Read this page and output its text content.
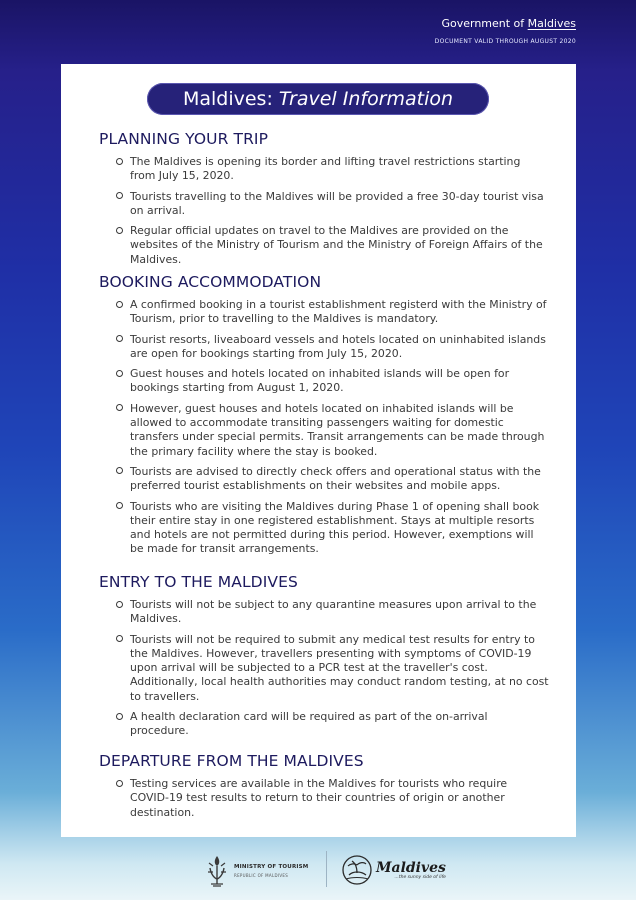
Government of Maldives
DOCUMENT VALID THROUGH AUGUST 2020
Maldives: Travel Information
PLANNING YOUR TRIP
The Maldives is opening its border and lifting travel restrictions starting from July 15, 2020.
Tourists travelling to the Maldives will be provided a free 30-day tourist visa on arrival.
Regular official updates on travel to the Maldives are provided on the websites of the Ministry of Tourism and the Ministry of Foreign Affairs of the Maldives.
BOOKING ACCOMMODATION
A confirmed booking in a tourist establishment registerd with the Ministry of Tourism, prior to travelling to the Maldives is mandatory.
Tourist resorts, liveaboard vessels and hotels located on uninhabited islands are open for bookings starting from July 15, 2020.
Guest houses and hotels located on inhabited islands will be open for bookings starting from August 1, 2020.
However, guest houses and hotels located on inhabited islands will be allowed to accommodate transiting passengers waiting for domestic transfers under special permits. Transit arrangements can be made through the primary facility where the stay is booked.
Tourists are advised to directly check offers and operational status with the preferred tourist establishments on their websites and mobile apps.
Tourists who are visiting the Maldives during Phase 1 of opening shall book their entire stay in one registered establishment. Stays at multiple resorts and hotels are not permitted during this period. However, exemptions will be made for transit arrangements.
ENTRY TO THE MALDIVES
Tourists will not be subject to any quarantine measures upon arrival to the Maldives.
Tourists will not be required to submit any medical test results for entry to the Maldives. However, travellers presenting with symptoms of COVID-19 upon arrival will be subjected to a PCR test at the traveller's cost. Additionally, local health authorities may conduct random testing, at no cost to travellers.
A health declaration card will be required as part of the on-arrival procedure.
DEPARTURE FROM THE MALDIVES
Testing services are available in the Maldives for tourists who require COVID-19 test results to return to their countries of origin or another destination.
MINISTRY OF TOURISM
REPUBLIC OF MALDIVES	Maldives
...the sunny side of life
